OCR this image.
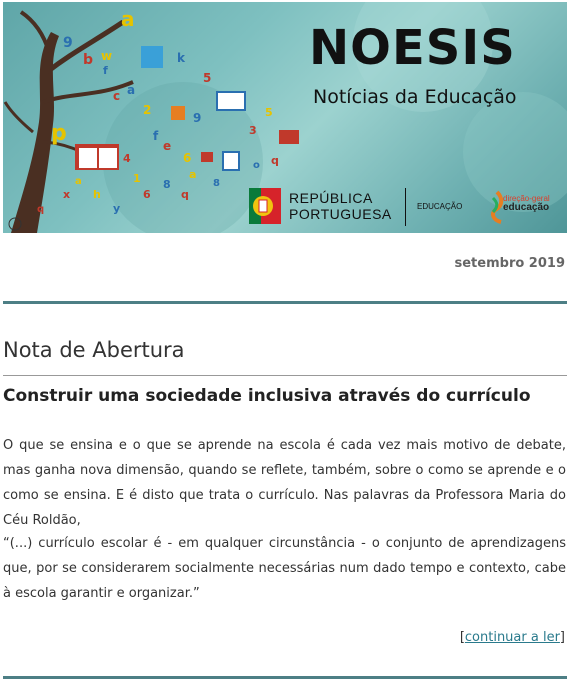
a
9
b w
f
c a
2
p	f
e
6
5
9
3
5
q
o
k
1
6
8
q
h
y
x
q
a
4
8
a
NOESIS
Notícias da Educação
REPÚBLICA
PORTUGUESA	EDUCAÇÃO
direção-geral
educação
setembro 2019
Nota de Abertura
Construir uma sociedade inclusiva através do currículo
O que se ensina e o que se aprende na escola é cada vez mais motivo de debate, mas ganha nova dimensão, quando se reflete, também, sobre o como se aprende e o como se ensina. E é disto que trata o currículo. Nas palavras da Professora Maria do Céu Roldão,
“(...) currículo escolar é - em qualquer circunstância - o conjunto de aprendizagens que, por se considerarem socialmente necessárias num dado tempo e contexto, cabe à escola garantir e organizar.”
[continuar a ler]
